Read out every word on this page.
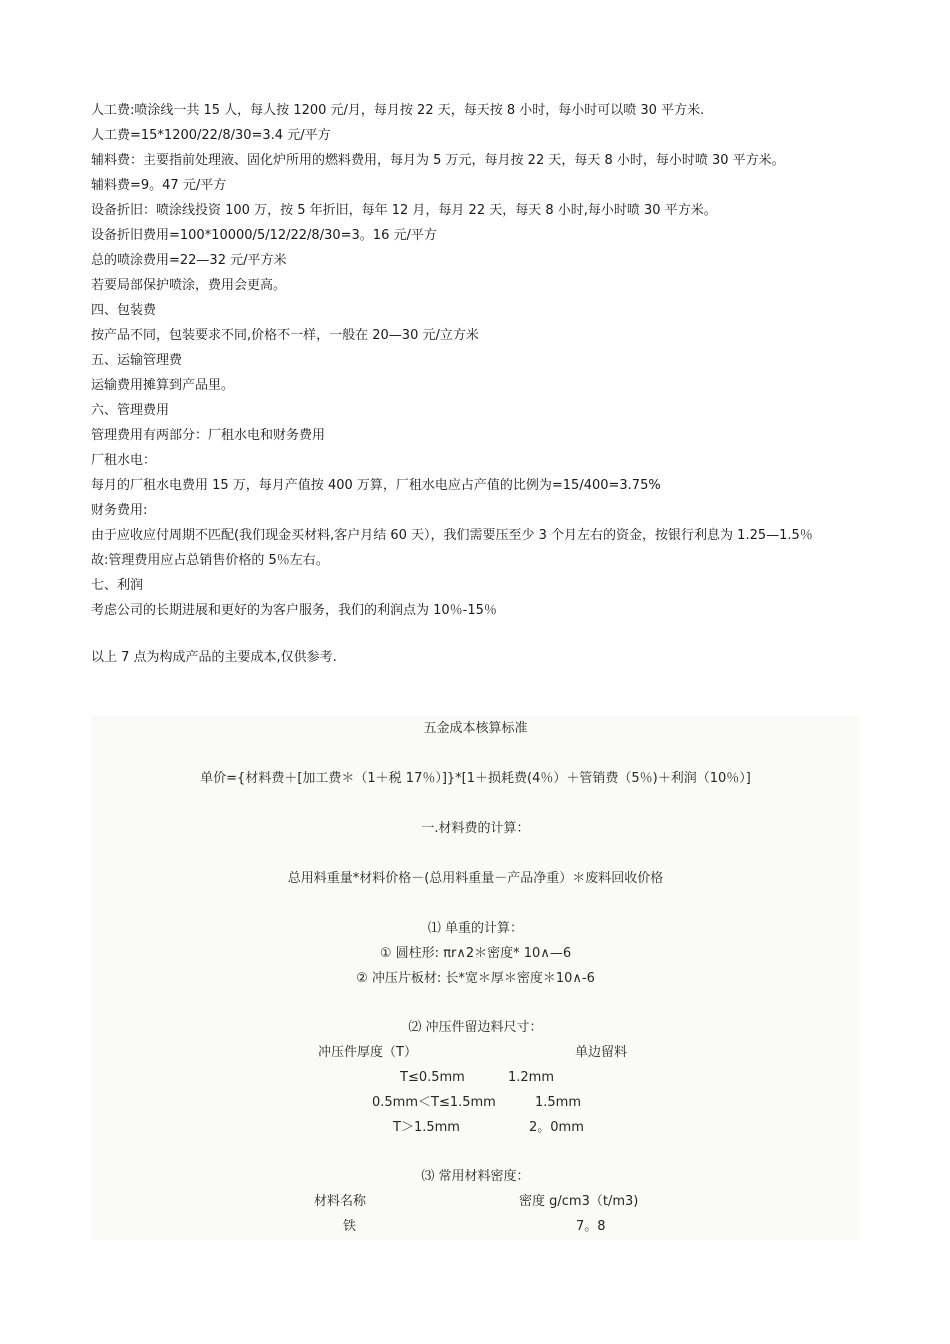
人工费:喷涂线一共 15 人，每人按 1200 元/月，每月按 22 天，每天按 8 小时，每小时可以喷 30 平方米.

人工费=15*1200/22/8/30=3.4 元/平方

辅料费：主要指前处理液、固化炉所用的燃料费用，每月为 5 万元，每月按 22 天，每天 8 小时，每小时喷 30 平方米。

辅料费=9。47 元/平方

设备折旧：喷涂线投资 100 万，按 5 年折旧，每年 12 月，每月 22 天，每天 8 小时,每小时喷 30 平方米。

设备折旧费用=100*10000/5/12/22/8/30=3。16 元/平方

总的喷涂费用=22—32 元/平方米

若要局部保护喷涂，费用会更高。

四、包装费

按产品不同，包装要求不同,价格不一样，一般在 20—30 元/立方米

五、运输管理费

运输费用摊算到产品里。

六、管理费用

管理费用有两部分：厂租水电和财务费用

厂租水电：

每月的厂租水电费用 15 万，每月产值按 400 万算，厂租水电应占产值的比例为=15/400=3.75%

财务费用:

由于应收应付周期不匹配(我们现金买材料,客户月结 60 天），我们需要压至少 3 个月左右的资金，按银行利息为 1.25—1.5％

故:管理费用应占总销售价格的 5％左右。

七、利润

考虑公司的长期进展和更好的为客户服务，我们的利润点为 10％-15％

以上 7 点为构成产品的主要成本,仅供参考.

五金成本核算标准
单价={材料费＋[加工费＊（1＋税 17％）]}*[1＋损耗费(4％）＋管销费（5％)＋利润（10％）]
一.材料费的计算：
总用料重量*材料价格－(总用料重量－产品净重）＊废料回收价格
⑴ 单重的计算：
① 圆柱形: πr∧2＊密度* 10∧—6
② 冲压片板材: 长*宽＊厚＊密度＊10∧-6
⑵ 冲压件留边料尺寸：
冲压件厚度（T）	单边留料
T≤0.5mm	1.2mm
0.5mm＜T≤1.5mm	1.5mm
T＞1.5mm	2。0mm
⑶ 常用材料密度：
材料名称	密度 g/cm3（t/m3)
铁	7。8
